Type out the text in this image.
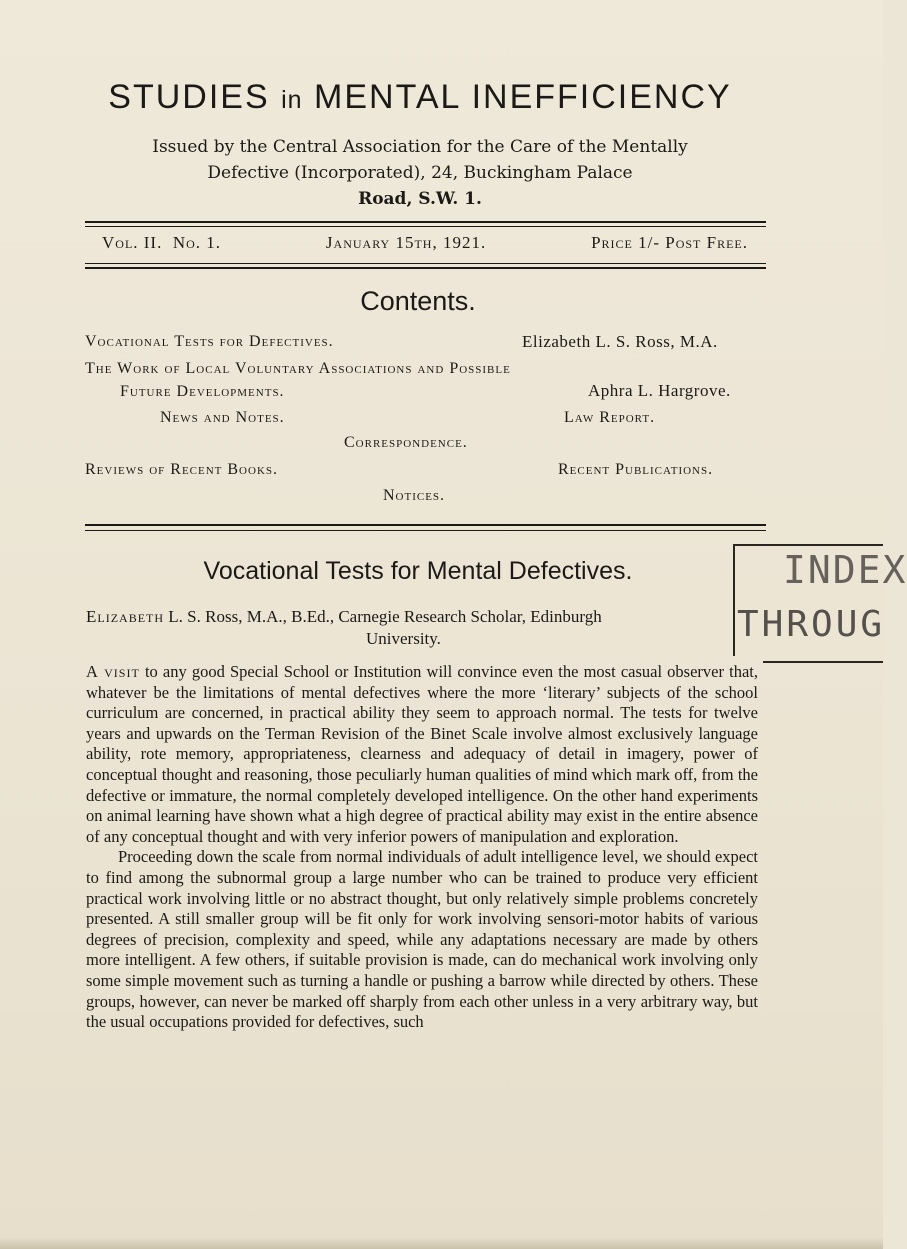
STUDIES in MENTAL INEFFICIENCY
Issued by the Central Association for the Care of the Mentally
Defective (Incorporated), 24, Buckingham Palace
Road, S.W. 1.
Vol. II. No. 1.	January 15th, 1921.	Price 1/- Post Free.
Contents.
Vocational Tests for Defectives.	Elizabeth L. S. Ross, M.A.
The Work of Local Voluntary Associations and Possible
Future Developments.	Aphra L. Hargrove.
News and Notes.	Law Report.
Correspondence.
Reviews of Recent Books.	Recent Publications.
Notices.
Vocational Tests for Mental Defectives.
Elizabeth L. S. Ross, M.A., B.Ed., Carnegie Research Scholar, Edinburgh
University.

A visit to any good Special School or Institution will convince even the most casual observer that, whatever be the limitations of mental defectives where the more ‘literary’ subjects of the school curriculum are concerned, in practical ability they seem to approach normal. The tests for twelve years and upwards on the Terman Revision of the Binet Scale involve almost exclusively language ability, rote memory, appropriateness, clearness and adequacy of detail in imagery, power of conceptual thought and reasoning, those peculiarly human qualities of mind which mark off, from the defective or immature, the normal completely developed intelligence. On the other hand experiments on animal learning have shown what a high degree of practical ability may exist in the entire absence of any conceptual thought and with very inferior powers of manipulation and exploration.

Proceeding down the scale from normal individuals of adult intelligence level, we should expect to find among the subnormal group a large number who can be trained to produce very efficient practical work involving little or no abstract thought, but only relatively simple problems concretely presented. A still smaller group will be fit only for work involving sensori-motor habits of various degrees of precision, complexity and speed, while any adaptations necessary are made by others more intelligent. A few others, if suitable provision is made, can do mechanical work involving only some simple movement such as turning a handle or pushing a barrow while directed by others. These groups, however, can never be marked off sharply from each other unless in a very arbitrary way, but the usual occupations provided for defectives, such

INDEX
THROUG
